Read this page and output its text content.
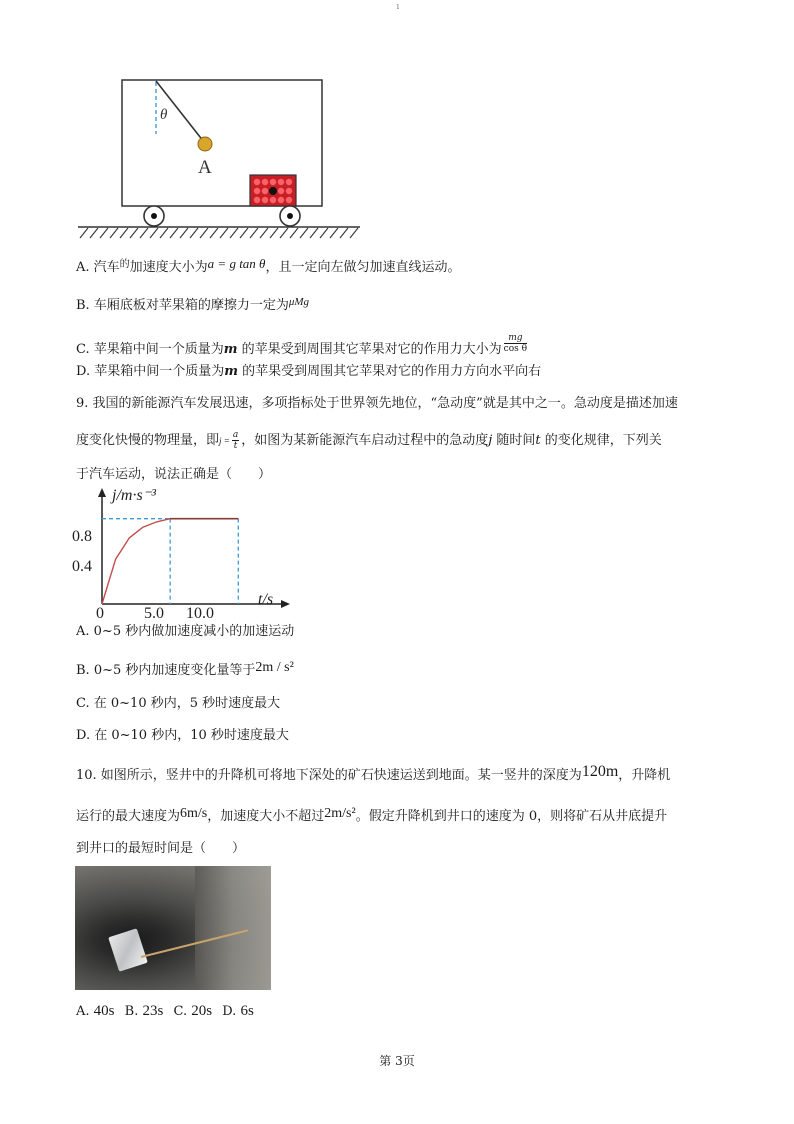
1
θ
A
A. 汽车$^的$加速度大小为a = g tan θ，且一定向左做匀加速直线运动。
B. 车厢底板对苹果箱的摩擦力一定为$^{\mu Mg}$
C. 苹果箱中间一个质量为m 的苹果受到周围其它苹果对它的作用力大小为 $\frac{mg}{\text{cos θ}}$
D. 苹果箱中间一个质量为m 的苹果受到周围其它苹果对它的作用力方向水平向右
9. 我国的新能源汽车发展迅速，多项指标处于世界领先地位，“急动度”就是其中之一。急动度是描述加速
度变化快慢的物理量，即$j = \frac{a}{t}$ ，如图为某新能源汽车启动过程中的急动度j 随时间t 的变化规律，下列关
于汽车运动，说法正确是（　　）
j/m·s⁻³
t/s
0	5.0 10.0
0.4
0.8
A. 0~5 秒内做加速度减小的加速运动
B. 0~5 秒内加速度变化量等于2m / s²
C. 在 0~10 秒内，5 秒时速度最大
D. 在 0~10 秒内，10 秒时速度最大
10. 如图所示，竖井中的升降机可将地下深处的矿石快速运送到地面。某一竖井的深度为120m，升降机
运行的最大速度为6m/s，加速度大小不超过2m/s²。假定升降机到井口的速度为 0，则将矿石从井底提升
到井口的最短时间是（　　）
A. 40s B. 23s C. 20s D. 6s
第 3页
